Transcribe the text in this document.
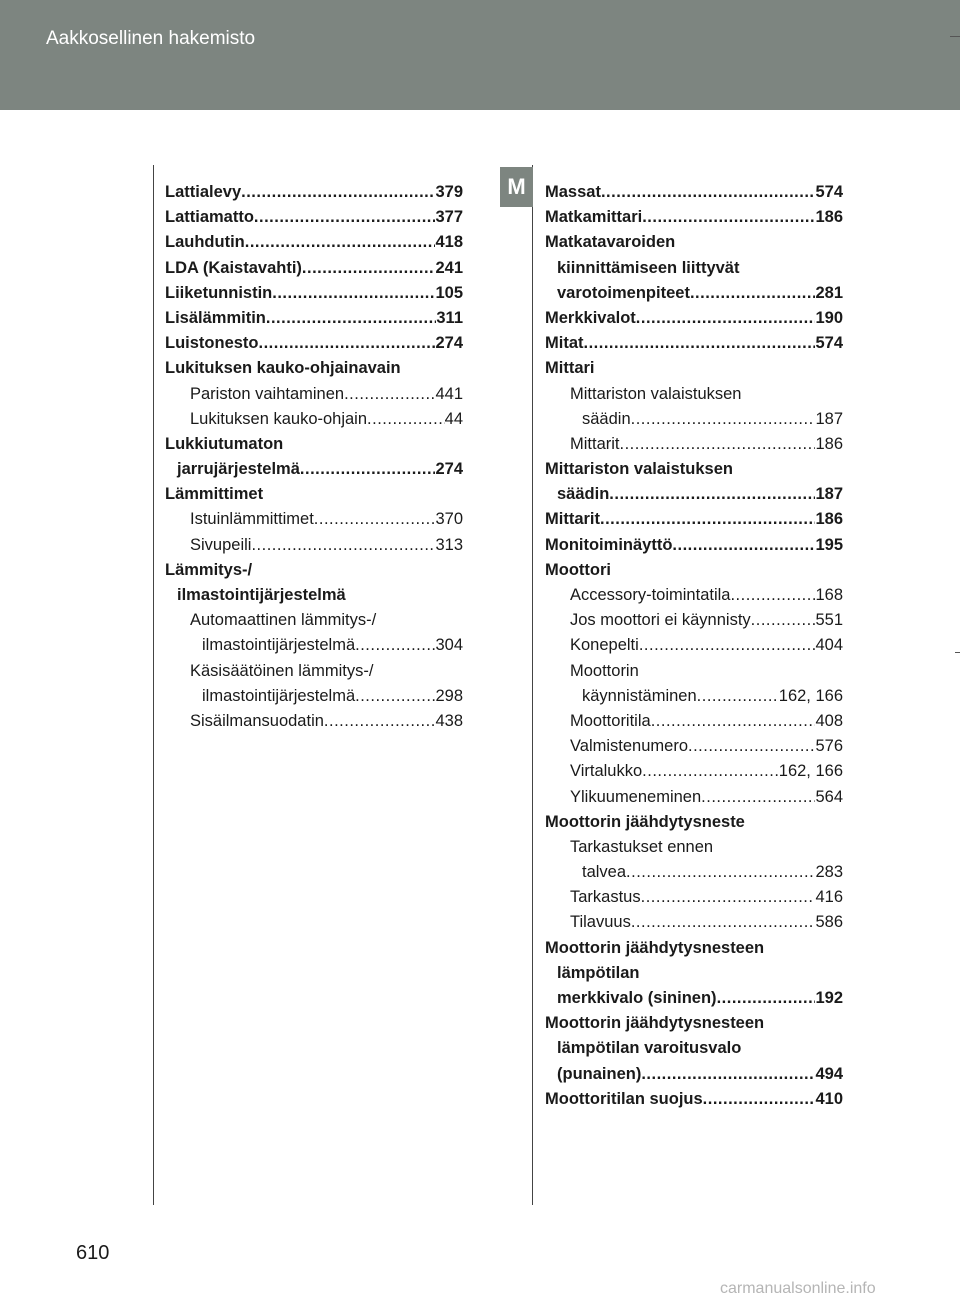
Aakkosellinen hakemisto
M
Lattialevy .....	379
Lattiamatto .....	377
Lauhdutin .....	418
LDA (Kaistavahti) .....	241
Liiketunnistin .....	105
Lisälämmitin .....	311
Luistonesto .....	274
Lukituksen kauko-ohjainavain
Pariston vaihtaminen .....	441
Lukituksen kauko-ohjain .....	44
Lukkiutumaton
jarrujärjestelmä .....	274
Lämmittimet
Istuinlämmittimet .....	370
Sivupeili .....	313
Lämmitys-/
ilmastointijärjestelmä
Automaattinen lämmitys-/
ilmastointijärjestelmä .....	304
Käsisäätöinen lämmitys-/
ilmastointijärjestelmä .....	298
Sisäilmansuodatin .....	438
Massat .....	574
Matkamittari .....	186
Matkatavaroiden
kiinnittämiseen liittyvät
varotoimenpiteet .....	281
Merkkivalot .....	190
Mitat .....	574
Mittari
Mittariston valaistuksen
säädin .....	187
Mittarit .....	186
Mittariston valaistuksen
säädin .....	187
Mittarit .....	186
Monitoiminäyttö .....	195
Moottori
Accessory-toimintatila .....	168
Jos moottori ei käynnisty .....	551
Konepelti .....	404
Moottorin
käynnistäminen .....	162, 166
Moottoritila .....	408
Valmistenumero .....	576
Virtalukko .....	162, 166
Ylikuumeneminen .....	564
Moottorin jäähdytysneste
Tarkastukset ennen
talvea .....	283
Tarkastus .....	416
Tilavuus .....	586
Moottorin jäähdytysnesteen
lämpötilan
merkkivalo (sininen) .....	192
Moottorin jäähdytysnesteen
lämpötilan varoitusvalo
(punainen) .....	494
Moottoritilan suojus .....	410
610
carmanualsonline.info
